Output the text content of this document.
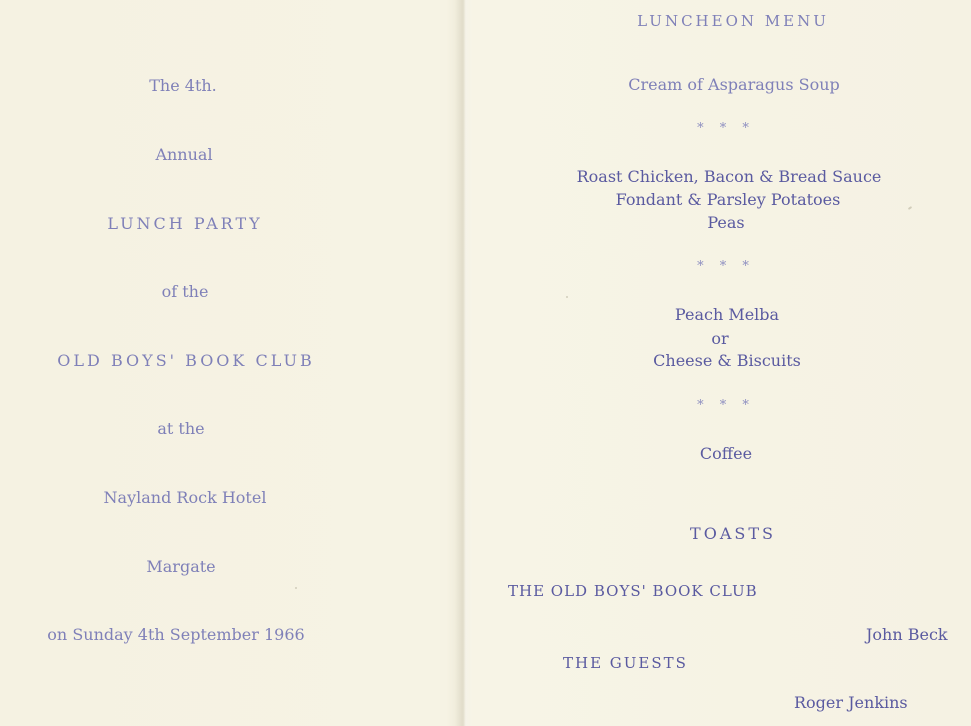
The 4th.
Annual
LUNCH PARTY
of the
OLD BOYS' BOOK CLUB
at the
Nayland Rock Hotel
Margate
on Sunday 4th September 1966
LUNCHEON MENU
Cream of Asparagus Soup
* * *
Roast Chicken, Bacon & Bread Sauce
Fondant & Parsley Potatoes
Peas
* * *
Peach Melba
or
Cheese & Biscuits
* * *
Coffee
TOASTS
THE OLD BOYS' BOOK CLUB
John Beck
THE GUESTS
Roger Jenkins
